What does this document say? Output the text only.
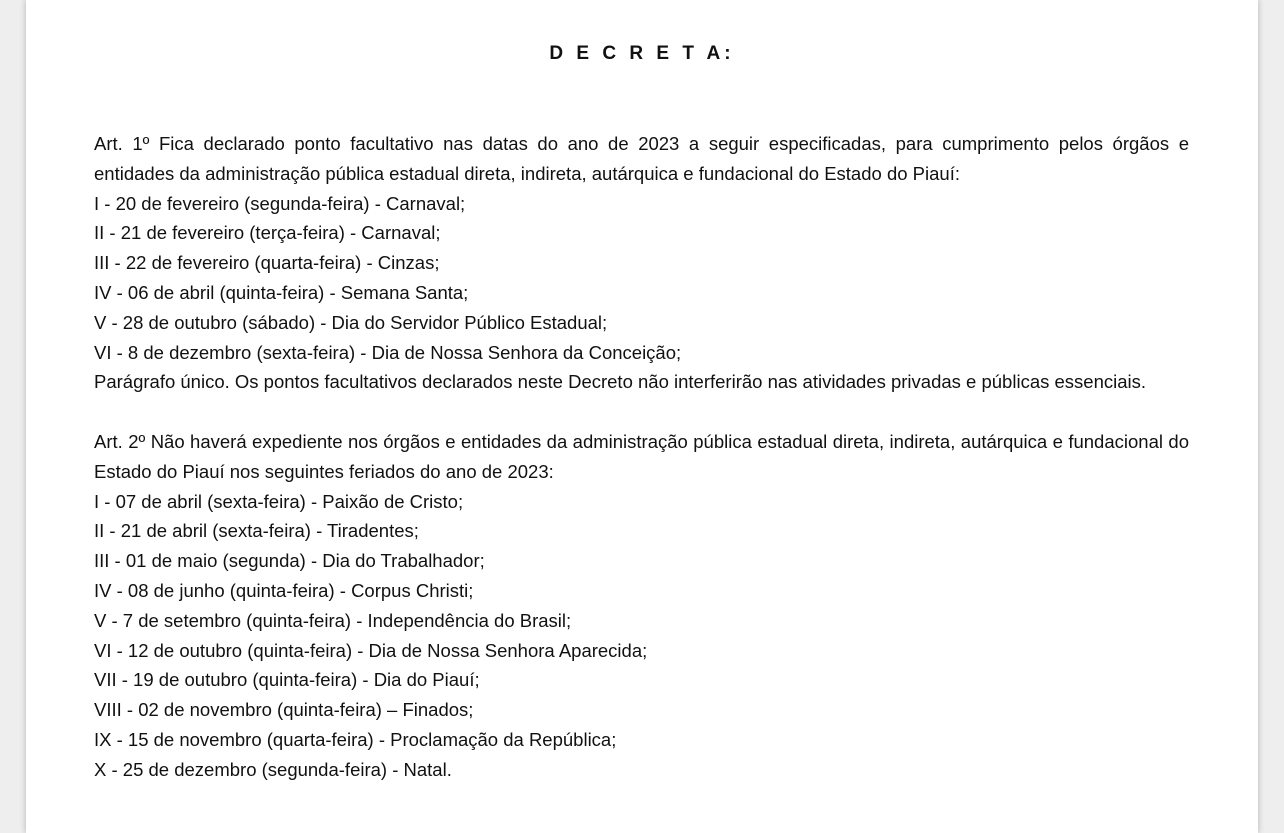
D E C R E T A:

Art. 1º Fica declarado ponto facultativo nas datas do ano de 2023 a seguir especificadas, para cumprimento pelos órgãos e entidades da administração pública estadual direta, indireta, autárquica e fundacional do Estado do Piauí:

I - 20 de fevereiro (segunda-feira) - Carnaval;

II - 21 de fevereiro (terça-feira) - Carnaval;

III - 22 de fevereiro (quarta-feira) - Cinzas;

IV - 06 de abril (quinta-feira) - Semana Santa;

V - 28 de outubro (sábado) - Dia do Servidor Público Estadual;

VI - 8 de dezembro (sexta-feira) - Dia de Nossa Senhora da Conceição;

Parágrafo único. Os pontos facultativos declarados neste Decreto não interferirão nas atividades privadas e públicas essenciais.

Art. 2º Não haverá expediente nos órgãos e entidades da administração pública estadual direta, indireta, autárquica e fundacional do Estado do Piauí nos seguintes feriados do ano de 2023:

I - 07 de abril (sexta-feira) - Paixão de Cristo;

II - 21 de abril (sexta-feira) - Tiradentes;

III - 01 de maio (segunda) - Dia do Trabalhador;

IV - 08 de junho (quinta-feira) - Corpus Christi;

V - 7 de setembro (quinta-feira) - Independência do Brasil;

VI - 12 de outubro (quinta-feira) - Dia de Nossa Senhora Aparecida;

VII - 19 de outubro (quinta-feira) - Dia do Piauí;

VIII - 02 de novembro (quinta-feira) – Finados;

IX - 15 de novembro (quarta-feira) - Proclamação da República;

X - 25 de dezembro (segunda-feira) - Natal.
